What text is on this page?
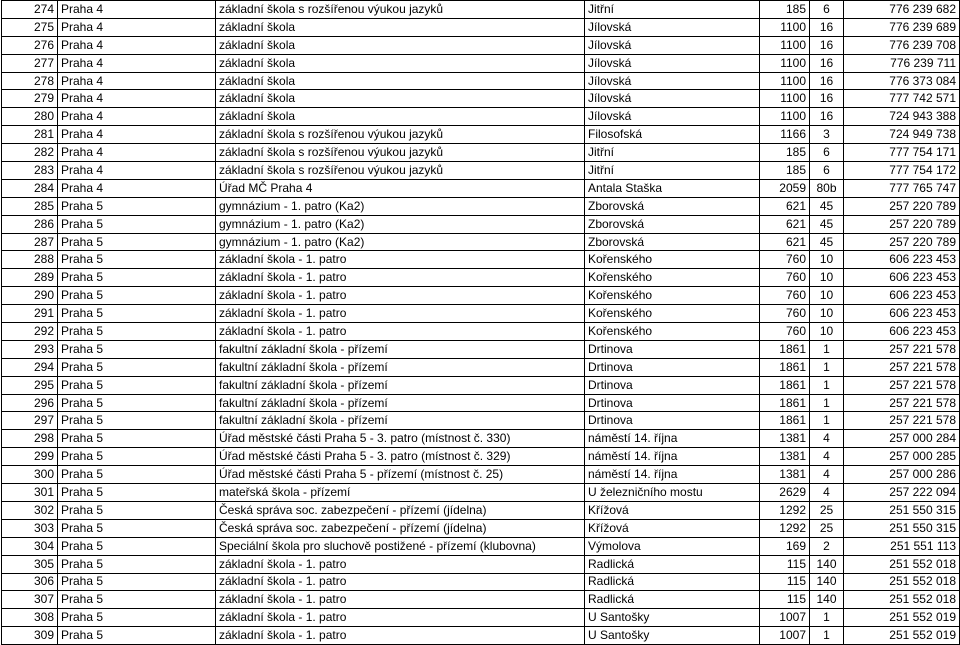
274	Praha 4	základní škola s rozšířenou výukou jazyků	Jitřní	185	6	776 239 682
275	Praha 4	základní škola	Jílovská	1100	16	776 239 689
276	Praha 4	základní škola	Jílovská	1100	16	776 239 708
277	Praha 4	základní škola	Jílovská	1100	16	776 239 711
278	Praha 4	základní škola	Jílovská	1100	16	776 373 084
279	Praha 4	základní škola	Jílovská	1100	16	777 742 571
280	Praha 4	základní škola	Jílovská	1100	16	724 943 388
281	Praha 4	základní škola s rozšířenou výukou jazyků	Filosofská	1166	3	724 949 738
282	Praha 4	základní škola s rozšířenou výukou jazyků	Jitřní	185	6	777 754 171
283	Praha 4	základní škola s rozšířenou výukou jazyků	Jitřní	185	6	777 754 172
284	Praha 4	Úřad MČ Praha 4	Antala Staška	2059	80b	777 765 747
285	Praha 5	gymnázium - 1. patro (Ka2)	Zborovská	621	45	257 220 789
286	Praha 5	gymnázium - 1. patro (Ka2)	Zborovská	621	45	257 220 789
287	Praha 5	gymnázium - 1. patro (Ka2)	Zborovská	621	45	257 220 789
288	Praha 5	základní škola - 1. patro	Kořenského	760	10	606 223 453
289	Praha 5	základní škola - 1. patro	Kořenského	760	10	606 223 453
290	Praha 5	základní škola - 1. patro	Kořenského	760	10	606 223 453
291	Praha 5	základní škola - 1. patro	Kořenského	760	10	606 223 453
292	Praha 5	základní škola - 1. patro	Kořenského	760	10	606 223 453
293	Praha 5	fakultní základní škola - přízemí	Drtinova	1861	1	257 221 578
294	Praha 5	fakultní základní škola - přízemí	Drtinova	1861	1	257 221 578
295	Praha 5	fakultní základní škola - přízemí	Drtinova	1861	1	257 221 578
296	Praha 5	fakultní základní škola - přízemí	Drtinova	1861	1	257 221 578
297	Praha 5	fakultní základní škola - přízemí	Drtinova	1861	1	257 221 578
298	Praha 5	Úřad městské části Praha 5 - 3. patro (místnost č. 330)	náměstí 14. října	1381	4	257 000 284
299	Praha 5	Úřad městské části Praha 5 - 3. patro (místnost č. 329)	náměstí 14. října	1381	4	257 000 285
300	Praha 5	Úřad městské části Praha 5 - přízemí (místnost č. 25)	náměstí 14. října	1381	4	257 000 286
301	Praha 5	mateřská škola - přízemí	U železničního mostu	2629	4	257 222 094
302	Praha 5	Česká správa soc. zabezpečení - přízemí (jídelna)	Křížová	1292	25	251 550 315
303	Praha 5	Česká správa soc. zabezpečení - přízemí (jídelna)	Křížová	1292	25	251 550 315
304	Praha 5	Speciální škola pro sluchově postižené - přízemí (klubovna)	Výmolova	169	2	251 551 113
305	Praha 5	základní škola - 1. patro	Radlická	115	140	251 552 018
306	Praha 5	základní škola - 1. patro	Radlická	115	140	251 552 018
307	Praha 5	základní škola - 1. patro	Radlická	115	140	251 552 018
308	Praha 5	základní škola - 1. patro	U Santošky	1007	1	251 552 019
309	Praha 5	základní škola - 1. patro	U Santošky	1007	1	251 552 019
